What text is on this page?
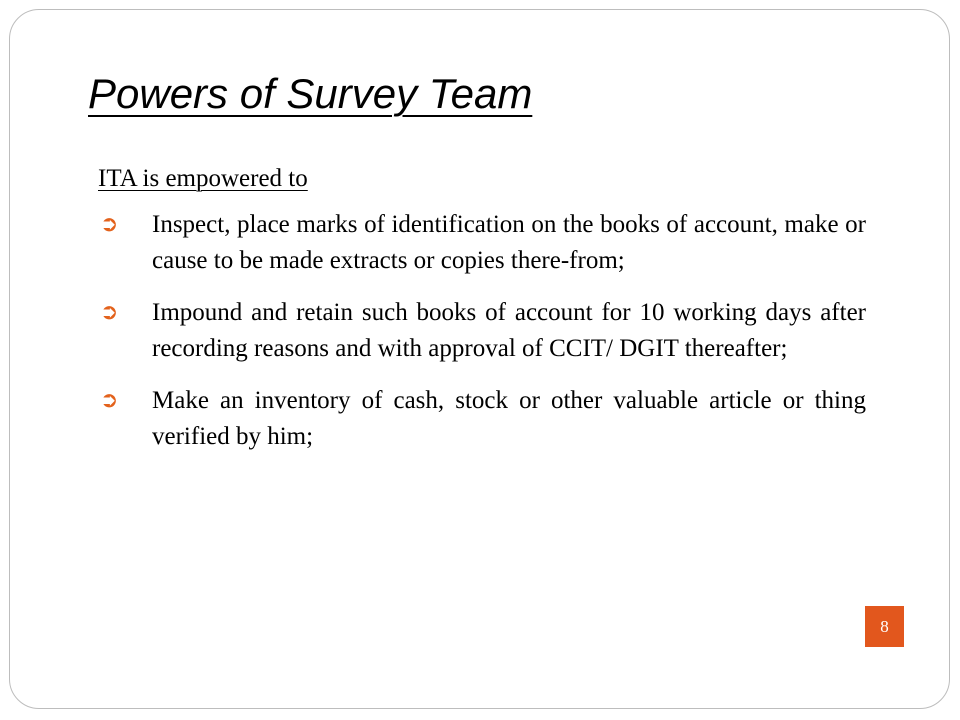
Powers of Survey Team
ITA is empowered to
➲ Inspect, place marks of identification on the books of account, make or cause to be made extracts or copies there-from;
➲ Impound and retain such books of account for 10 working days after recording reasons and with approval of CCIT/ DGIT thereafter;
➲ Make an inventory of cash, stock or other valuable article or thing verified by him;
8
